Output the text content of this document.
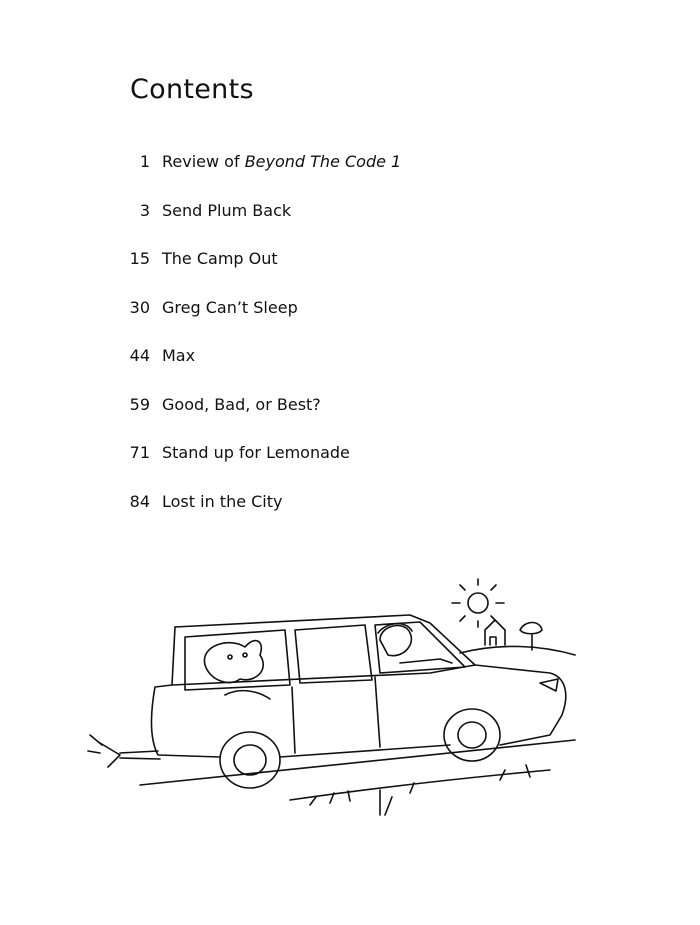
Contents
1 Review of Beyond The Code 1
3 Send Plum Back
15 The Camp Out
30 Greg Can’t Sleep
44 Max
59 Good, Bad, or Best?
71 Stand up for Lemonade
84 Lost in the City
